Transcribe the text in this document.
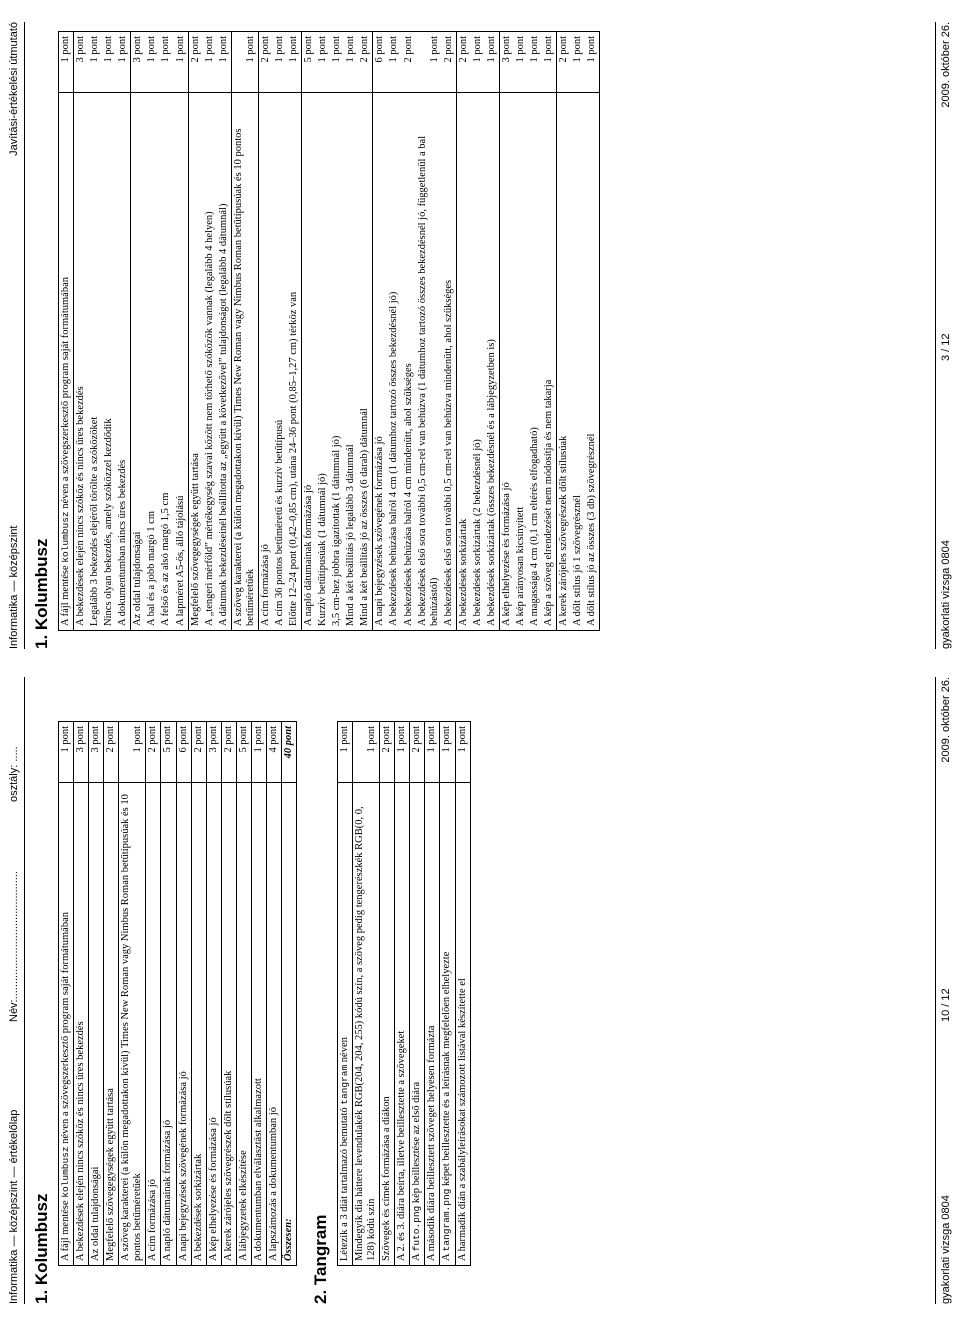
Informatika — középszint — értékelőlap
Név:..........................................
osztály: .....
1. Kolumbusz A fájl mentése kolumbusz néven a szövegszerkesztő program saját formátumában	1 pont
A bekezdések elején nincs szóköz és nincs üres bekezdés	3 pont
Az oldal tulajdonságai	3 pont
Megfelelő szövegegységek együtt tartása	2 pont
A szöveg karakterei (a külön megadottakon kívül) Times New Roman vagy Nimbus Roman betűtípusúak és 10 pontos betűméretűek	1 pont
A cím formázása jó	2 pont
A napló dátumainak formázása jó	5 pont
A napi bejegyzések szövegének formázása jó	6 pont
A bekezdések sorkizártak	2 pont
A kép elhelyezése és formázása jó	3 pont
A kerek zárójeles szövegrészek dőlt stílusúak	2 pont
A lábjegyzetek elkészítése	5 pont
A dokumentumban elválasztást alkalmazott	1 pont
A lapszámozás a dokumentumban jó	4 pont
Összesen:	40 pont
2. Tangram Létezik a 3 diát tartalmazó bemutató tangram néven	1 pont
Mindegyik dia háttere levendulakék RGB(204, 204, 255) kódú szín, a szöveg pedig tengerészkék RGB(0, 0, 128) kódú szín	1 pont
Szövegek és címek formázása a diákon	2 pont
A 2. és 3. diára beírta, illetve beillesztette a szövegeket	1 pont
A futo.png kép beillesztése az első diára	2 pont
A második diára beillesztett szöveget helyesen formázta	1 pont
A tangram.png képet beillesztette és a leírásnak megfelelően elhelyezte	1 pont
A harmadik dián a szabályleírásokat számozott listával készítette el	1 pont
gyakorlati vizsga 0804
10 / 12
2009. október 26.
Informatika — középszint
Javítási-értékelési útmutató
1. Kolumbusz A fájl mentése kolumbusz néven a szövegszerkesztő program saját formátumában	1 pont
A bekezdések elején nincs szóköz és nincs üres bekezdés	3 pont
Legalább 3 bekezdés elejéről törölte a szóközöket	1 pont
Nincs olyan bekezdés, amely szóközzel kezdődik	1 pont
A dokumentumban nincs üres bekezdés	1 pont
Az oldal tulajdonságai	3 pont
A bal és a jobb margó 1 cm	1 pont
A felső és az alsó margó 1,5 cm	1 pont
A lapméret A5-ös, álló tájolású	1 pont
Megfelelő szövegegységek együtt tartása	2 pont
A „tengeri mérföld” mértékegység szavai között nem törhető szóközök vannak (legalább 4 helyen)	1 pont
A dátumok bekezdéseinél beállította az „együtt a következővel” tulajdonságot (legalább 4 dátumnál)	1 pont
A szöveg karakterei (a külön megadottakon kívül) Times New Roman vagy Nimbus Roman betűtípusúak és 10 pontos betűméretűek	1 pont
A cím formázása jó	2 pont
A cím 36 pontos betűméretű és kurzív betűtípusú	1 pont
Előtte 12–24 pont (0,42–0,85 cm), utána 24–36 pont (0,85–1,27 cm) térköz van	1 pont
A napló dátumainak formázása jó	5 pont
Kurzív betűtípusúak (1 dátumnál jó)	1 pont
3,5 cm-hez jobbra igazítottak (1 dátumnál jó)	1 pont
Mind a két beállítás jó legalább 3 dátumnál	1 pont
Mind a két beállítás jó az összes (6 darab) dátumnál	2 pont
A napi bejegyzések szövegének formázása jó	6 pont
A bekezdések behúzása balról 4 cm (1 dátumhoz tartozó összes bekezdésnél jó)	1 pont
A bekezdések behúzása balról 4 cm mindenütt, ahol szükséges	2 pont
A bekezdések első sora további 0,5 cm-rel van behúzva (1 dátumhoz tartozó összes bekezdésnél jó, függetlenül a bal behúzástól)	1 pont
A bekezdések első sora további 0,5 cm-rel van behúzva mindenütt, ahol szükséges	2 pont
A bekezdések sorkizártak	2 pont
A bekezdések sorkizártak (2 bekezdésnél jó)	1 pont
A bekezdések sorkizártak (összes bekezdésnél és a lábjegyzetben is)	1 pont
A kép elhelyezése és formázása jó	3 pont
A kép arányosan kicsinyített	1 pont
A magassága 4 cm (0,1 cm eltérés elfogadható)	1 pont
A kép a szöveg elrendezését nem módosítja és nem takarja	1 pont
A kerek zárójeles szövegrészek dőlt stílusúak	2 pont
A dőlt stílus jó 1 szövegrésznél	1 pont
A dőlt stílus jó az összes (3 db) szövegrésznél	1 pont
gyakorlati vizsga 0804
3 / 12
2009. október 26.
